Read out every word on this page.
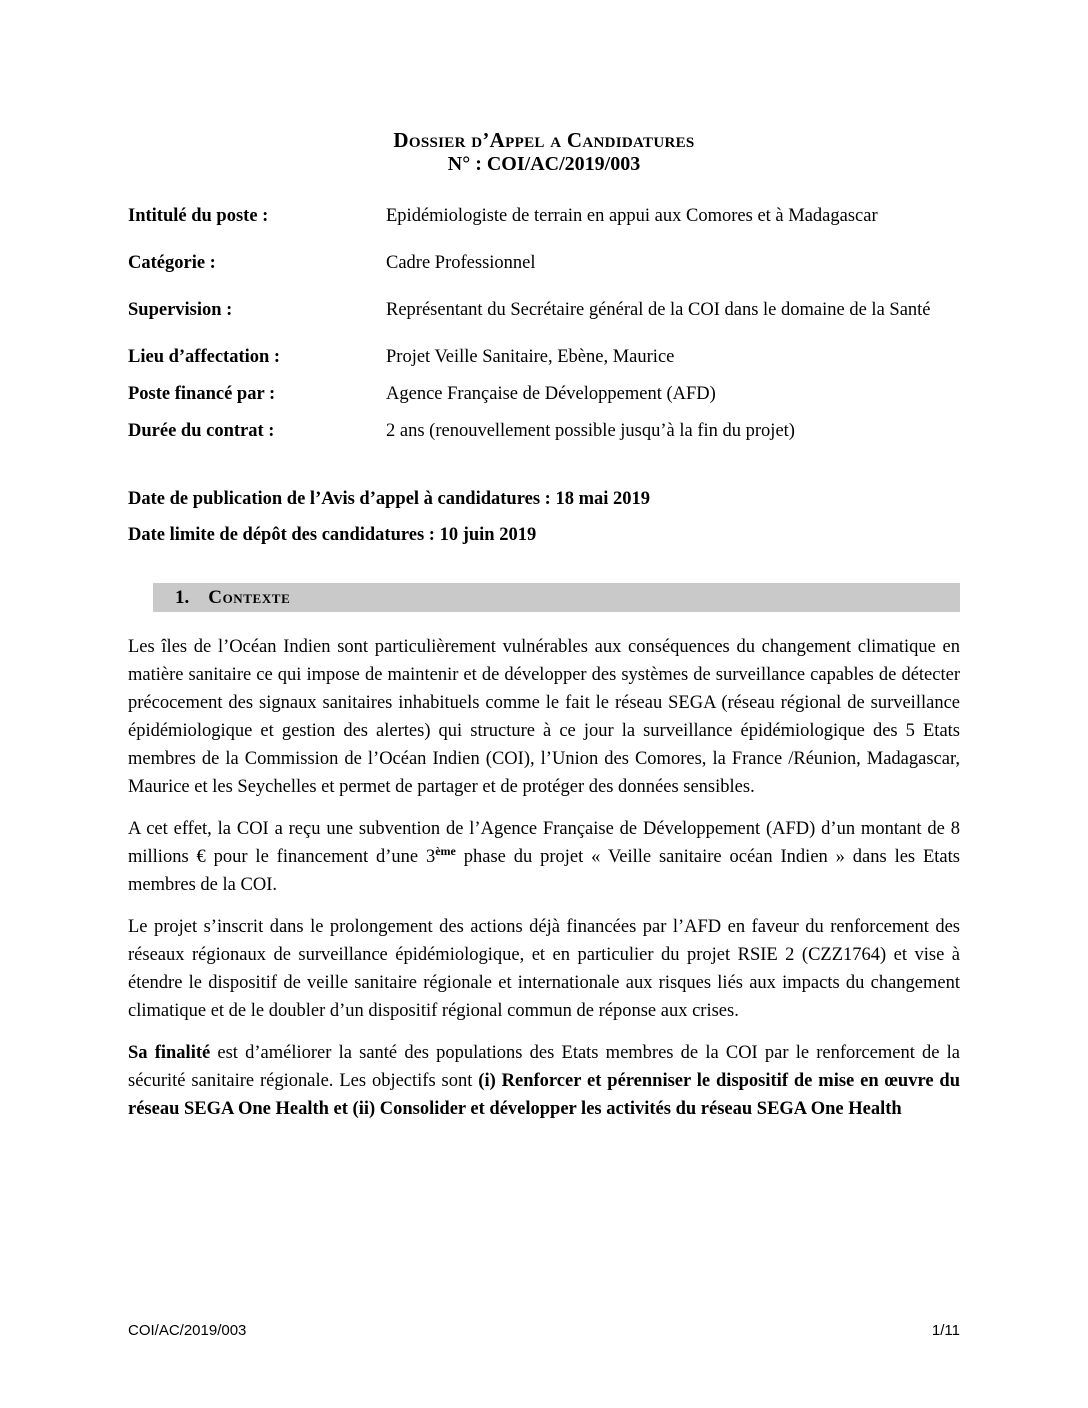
Dossier d’Appel a Candidatures
N° : COI/AC/2019/003
Intitulé du poste :	Epidémiologiste de terrain en appui aux Comores et à Madagascar
Catégorie :	Cadre Professionnel
Supervision :	Représentant du Secrétaire général de la COI dans le domaine de la Santé
Lieu d’affectation :	Projet Veille Sanitaire, Ebène, Maurice
Poste financé par :	Agence Française de Développement (AFD)
Durée du contrat :	2 ans (renouvellement possible jusqu’à la fin du projet)

Date de publication de l’Avis d’appel à candidatures : 18 mai 2019

Date limite de dépôt des candidatures : 10 juin 2019

1. Contexte

Les îles de l’Océan Indien sont particulièrement vulnérables aux conséquences du changement climatique en matière sanitaire ce qui impose de maintenir et de développer des systèmes de surveillance capables de détecter précocement des signaux sanitaires inhabituels comme le fait le réseau SEGA (réseau régional de surveillance épidémiologique et gestion des alertes) qui structure à ce jour la surveillance épidémiologique des 5 Etats membres de la Commission de l’Océan Indien (COI), l’Union des Comores, la France /Réunion, Madagascar, Maurice et les Seychelles et permet de partager et de protéger des données sensibles.

A cet effet, la COI a reçu une subvention de l’Agence Française de Développement (AFD) d’un montant de 8 millions € pour le financement d’une 3ème phase du projet « Veille sanitaire océan Indien » dans les Etats membres de la COI.

Le projet s’inscrit dans le prolongement des actions déjà financées par l’AFD en faveur du renforcement des réseaux régionaux de surveillance épidémiologique, et en particulier du projet RSIE 2 (CZZ1764) et vise à étendre le dispositif de veille sanitaire régionale et internationale aux risques liés aux impacts du changement climatique et de le doubler d’un dispositif régional commun de réponse aux crises.

Sa finalité est d’améliorer la santé des populations des Etats membres de la COI par le renforcement de la sécurité sanitaire régionale. Les objectifs sont (i) Renforcer et pérenniser le dispositif de mise en œuvre du réseau SEGA One Health et (ii) Consolider et développer les activités du réseau SEGA One Health

COI/AC/2019/003	1/11
